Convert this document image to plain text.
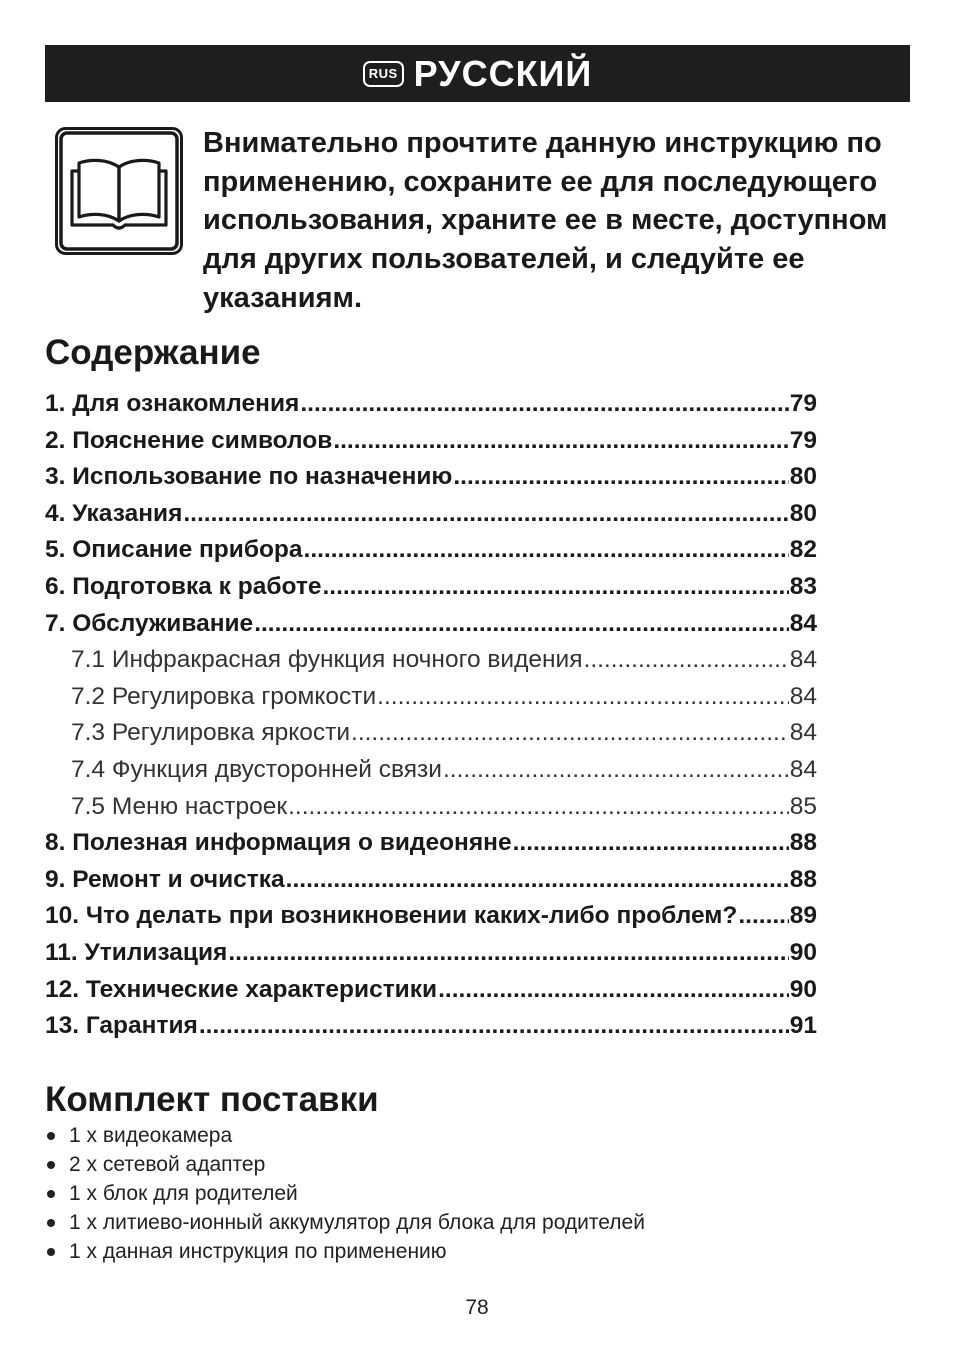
RUS РУССКИЙ
Внимательно прочтите данную инструкцию по применению, сохраните ее для последующего использования, храните ее в месте, доступном для других пользователей, и следуйте ее указаниям.
Содержание
1. Для ознакомления .....	79
2. Пояснение символов .....	79
3. Использование по назначению .....	80
4. Указания .....	80
5. Описание прибора .....	82
6. Подготовка к работе .....	83
7. Обслуживание .....	84
7.1 Инфракрасная функция ночного видения .....	84
7.2 Регулировка громкости .....	84
7.3 Регулировка яркости .....	84
7.4 Функция двусторонней связи .....	84
7.5 Меню настроек .....	85
8. Полезная информация о видеоняне .....	88
9. Ремонт и очистка .....	88
10. Что делать при возникновении каких-либо проблем? ..... 89
11. Утилизация .....	90
12. Технические характеристики .....	90
13. Гарантия .....	91
Комплект поставки
1 x видеокамера
2 x сетевой адаптер
1 x блок для родителей
1 x литиево-ионный аккумулятор для блока для родителей
1 x данная инструкция по применению
78
